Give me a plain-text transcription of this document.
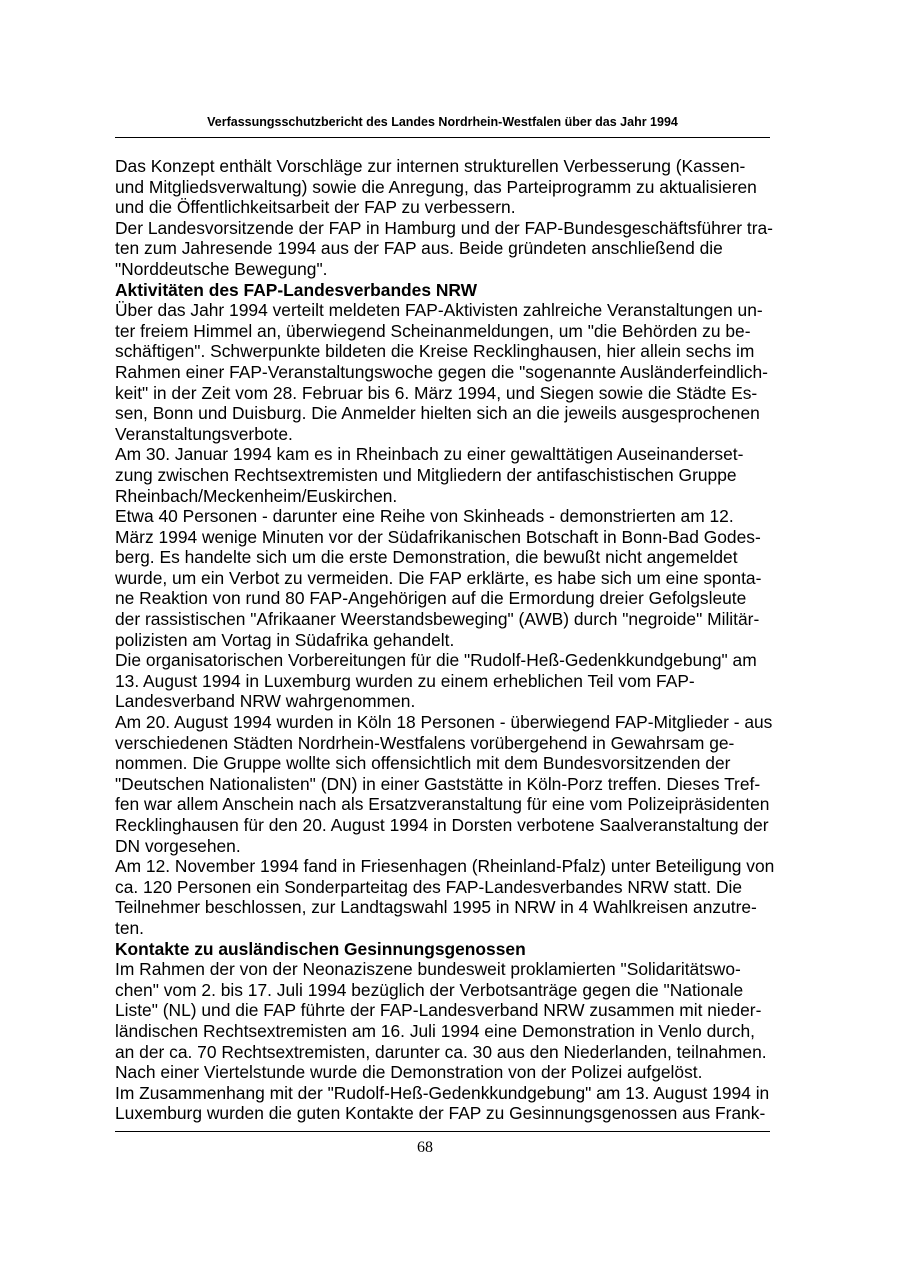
Verfassungsschutzbericht des Landes Nordrhein-Westfalen über das Jahr 1994
Das Konzept enthält Vorschläge zur internen strukturellen Verbesserung (Kassen-
und Mitgliedsverwaltung) sowie die Anregung, das Parteiprogramm zu aktualisieren
und die Öffentlichkeitsarbeit der FAP zu verbessern.
Der Landesvorsitzende der FAP in Hamburg und der FAP-Bundesgeschäftsführer tra-
ten zum Jahresende 1994 aus der FAP aus. Beide gründeten anschließend die
"Norddeutsche Bewegung".
Aktivitäten des FAP-Landesverbandes NRW
Über das Jahr 1994 verteilt meldeten FAP-Aktivisten zahlreiche Veranstaltungen un-
ter freiem Himmel an, überwiegend Scheinanmeldungen, um "die Behörden zu be-
schäftigen". Schwerpunkte bildeten die Kreise Recklinghausen, hier allein sechs im
Rahmen einer FAP-Veranstaltungswoche gegen die "sogenannte Ausländerfeindlich-
keit" in der Zeit vom 28. Februar bis 6. März 1994, und Siegen sowie die Städte Es-
sen, Bonn und Duisburg. Die Anmelder hielten sich an die jeweils ausgesprochenen
Veranstaltungsverbote.
Am 30. Januar 1994 kam es in Rheinbach zu einer gewalttätigen Auseinanderset-
zung zwischen Rechtsextremisten und Mitgliedern der antifaschistischen Gruppe
Rheinbach/Meckenheim/Euskirchen.
Etwa 40 Personen - darunter eine Reihe von Skinheads - demonstrierten am 12.
März 1994 wenige Minuten vor der Südafrikanischen Botschaft in Bonn-Bad Godes-
berg. Es handelte sich um die erste Demonstration, die bewußt nicht angemeldet
wurde, um ein Verbot zu vermeiden. Die FAP erklärte, es habe sich um eine sponta-
ne Reaktion von rund 80 FAP-Angehörigen auf die Ermordung dreier Gefolgsleute
der rassistischen "Afrikaaner Weerstandsbeweging" (AWB) durch "negroide" Militär-
polizisten am Vortag in Südafrika gehandelt.
Die organisatorischen Vorbereitungen für die "Rudolf-Heß-Gedenkkundgebung" am
13. August 1994 in Luxemburg wurden zu einem erheblichen Teil vom FAP-
Landesverband NRW wahrgenommen.
Am 20. August 1994 wurden in Köln 18 Personen - überwiegend FAP-Mitglieder - aus
verschiedenen Städten Nordrhein-Westfalens vorübergehend in Gewahrsam ge-
nommen. Die Gruppe wollte sich offensichtlich mit dem Bundesvorsitzenden der
"Deutschen Nationalisten" (DN) in einer Gaststätte in Köln-Porz treffen. Dieses Tref-
fen war allem Anschein nach als Ersatzveranstaltung für eine vom Polizeipräsidenten
Recklinghausen für den 20. August 1994 in Dorsten verbotene Saalveranstaltung der
DN vorgesehen.
Am 12. November 1994 fand in Friesenhagen (Rheinland-Pfalz) unter Beteiligung von
ca. 120 Personen ein Sonderparteitag des FAP-Landesverbandes NRW statt. Die
Teilnehmer beschlossen, zur Landtagswahl 1995 in NRW in 4 Wahlkreisen anzutre-
ten.
Kontakte zu ausländischen Gesinnungsgenossen
Im Rahmen der von der Neonaziszene bundesweit proklamierten "Solidaritätswo-
chen" vom 2. bis 17. Juli 1994 bezüglich der Verbotsanträge gegen die "Nationale
Liste" (NL) und die FAP führte der FAP-Landesverband NRW zusammen mit nieder-
ländischen Rechtsextremisten am 16. Juli 1994 eine Demonstration in Venlo durch,
an der ca. 70 Rechtsextremisten, darunter ca. 30 aus den Niederlanden, teilnahmen.
Nach einer Viertelstunde wurde die Demonstration von der Polizei aufgelöst.
Im Zusammenhang mit der "Rudolf-Heß-Gedenkkundgebung" am 13. August 1994 in
Luxemburg wurden die guten Kontakte der FAP zu Gesinnungsgenossen aus Frank-
68
